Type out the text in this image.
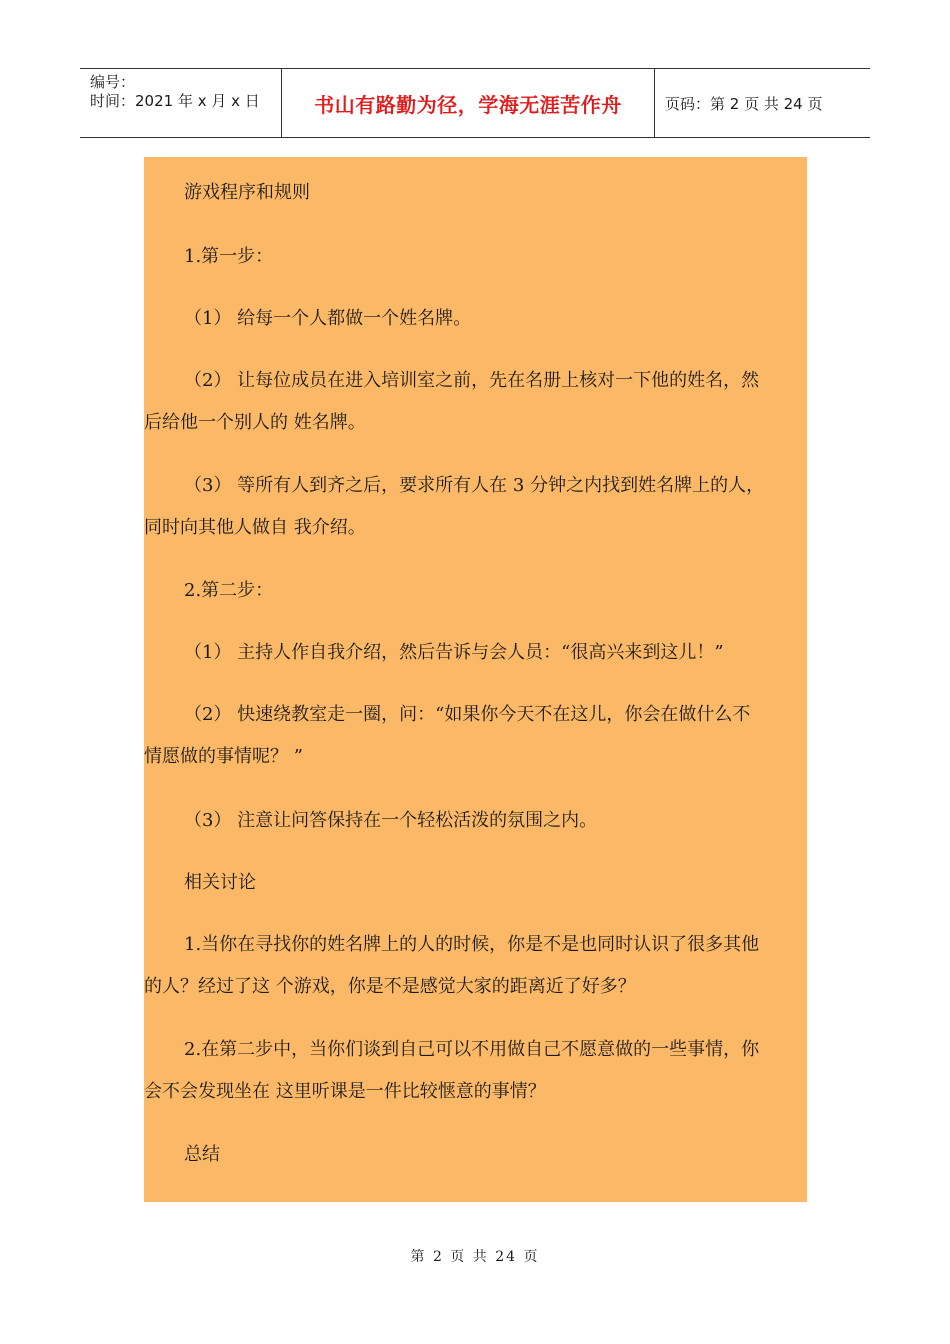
编号：
时间：2021 年 x 月 x 日	书山有路勤为径，学海无涯苦作舟	页码：第 2 页 共 24 页
游戏程序和规则
1.第一步：
（1） 给每一个人都做一个姓名牌。
（2） 让每位成员在进入培训室之前，先在名册上核对一下他的姓名，然
后给他一个别人的 姓名牌。
（3） 等所有人到齐之后，要求所有人在 3 分钟之内找到姓名牌上的人，
同时向其他人做自 我介绍。
2.第二步：
（1） 主持人作自我介绍，然后告诉与会人员：“很高兴来到这儿！”
（2） 快速绕教室走一圈，问：“如果你今天不在这儿，你会在做什么不
情愿做的事情呢？ ”
（3） 注意让问答保持在一个轻松活泼的氛围之内。
相关讨论
1.当你在寻找你的姓名牌上的人的时候，你是不是也同时认识了很多其他
的人？经过了这 个游戏，你是不是感觉大家的距离近了好多？
2.在第二步中，当你们谈到自己可以不用做自己不愿意做的一些事情，你
会不会发现坐在 这里听课是一件比较惬意的事情？
总结
第 2 页 共 24 页
